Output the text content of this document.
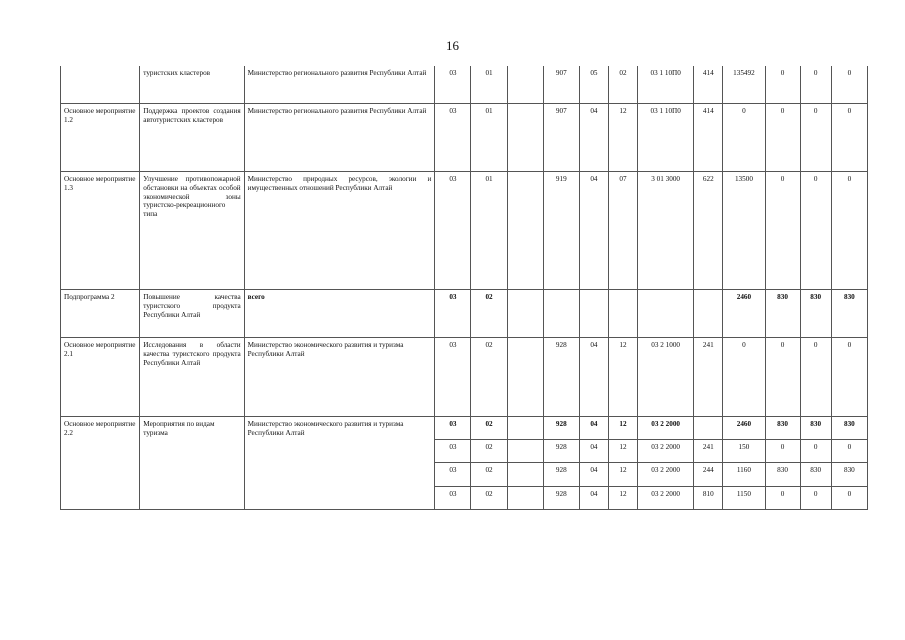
16
	туристских кластеров	Министерство регионального развития Республики Алтай	03	01		907	05	02	03 1 10П0	414	135492	0	0	0
Основное мероприятие 1.2	Поддержка проектов создания автотуристских кластеров	Министерство регионального развития Республики Алтай	03	01		907	04	12	03 1 10П0	414	0	0	0	0
Основное мероприятие 1.3	Улучшение противопожарной обстановки на объектах особой экономической зоны туристско-рекреационного типа	Министерство природных ресурсов, экологии и имущественных отношений Республики Алтай	03	01		919	04	07	3 01 3000	622	13500	0	0	0
Подпрограмма 2	Повышение качества туристского продукта Республики Алтай	всего	03	02							2460	830	830	830
Основное мероприятие 2.1	Исследования в области качества туристского продукта Республики Алтай	Министерство экономического развития и туризма Республики Алтай	03	02		928	04	12	03 2 1000	241	0	0	0	0
Основное мероприятие 2.2	Мероприятия по видам туризма	Министерство экономического развития и туризма Республики Алтай	03	02		928	04	12	03 2 2000		2460	830	830	830
			03	02		928	04	12	03 2 2000	241	150	0	0	0
			03	02		928	04	12	03 2 2000	244	1160	830	830	830
			03	02		928	04	12	03 2 2000	810	1150	0	0	0
